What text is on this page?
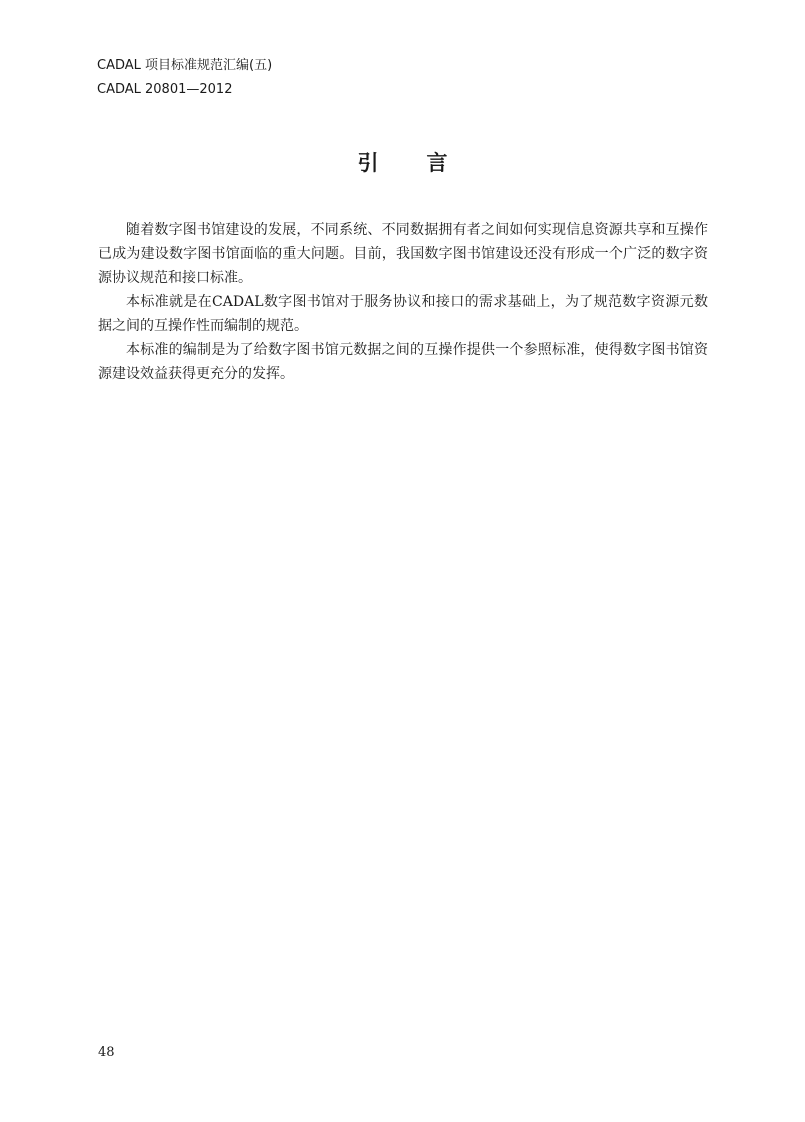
CADAL 项目标准规范汇编(五)
CADAL 20801—2012
引言

随着数字图书馆建设的发展，不同系统、不同数据拥有者之间如何实现信息资源共享和互操作已成为建设数字图书馆面临的重大问题。目前，我国数字图书馆建设还没有形成一个广泛的数字资源协议规范和接口标准。

本标准就是在CADAL数字图书馆对于服务协议和接口的需求基础上，为了规范数字资源元数据之间的互操作性而编制的规范。

本标准的编制是为了给数字图书馆元数据之间的互操作提供一个参照标准，使得数字图书馆资源建设效益获得更充分的发挥。

48
